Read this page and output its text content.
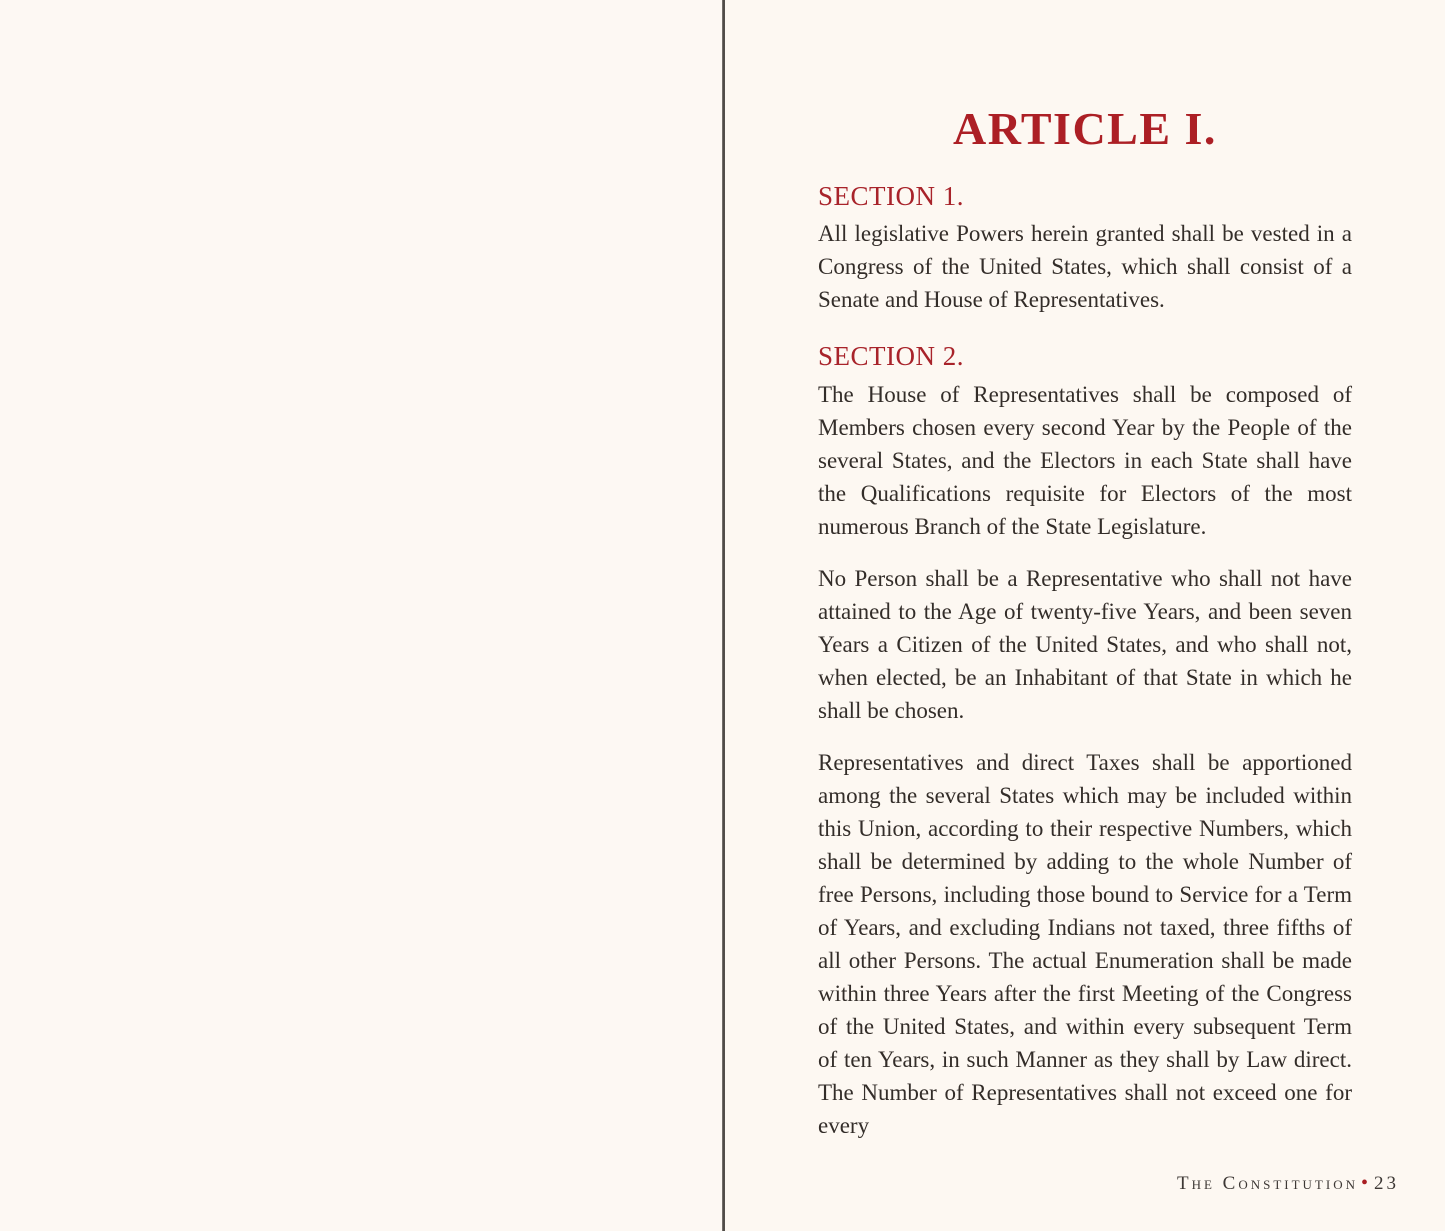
ARTICLE I.
SECTION 1.

All legislative Powers herein granted shall be vested in a Congress of the United States, which shall consist of a Senate and House of Representatives.

SECTION 2.

The House of Representatives shall be composed of Members chosen every second Year by the People of the several States, and the Electors in each State shall have the Qualifications requisite for Electors of the most numerous Branch of the State Legislature.

No Person shall be a Representative who shall not have attained to the Age of twenty-five Years, and been seven Years a Citizen of the United States, and who shall not, when elected, be an Inhabitant of that State in which he shall be chosen.

Representatives and direct Taxes shall be apportioned among the several States which may be included within this Union, according to their respective Numbers, which shall be determined by adding to the whole Number of free Persons, including those bound to Service for a Term of Years, and excluding Indians not taxed, three fifths of all other Persons. The actual Enumeration shall be made within three Years after the first Meeting of the Congress of the United States, and within every subsequent Term of ten Years, in such Manner as they shall by Law direct. The Number of Representatives shall not exceed one for every

The Constitution • 23
